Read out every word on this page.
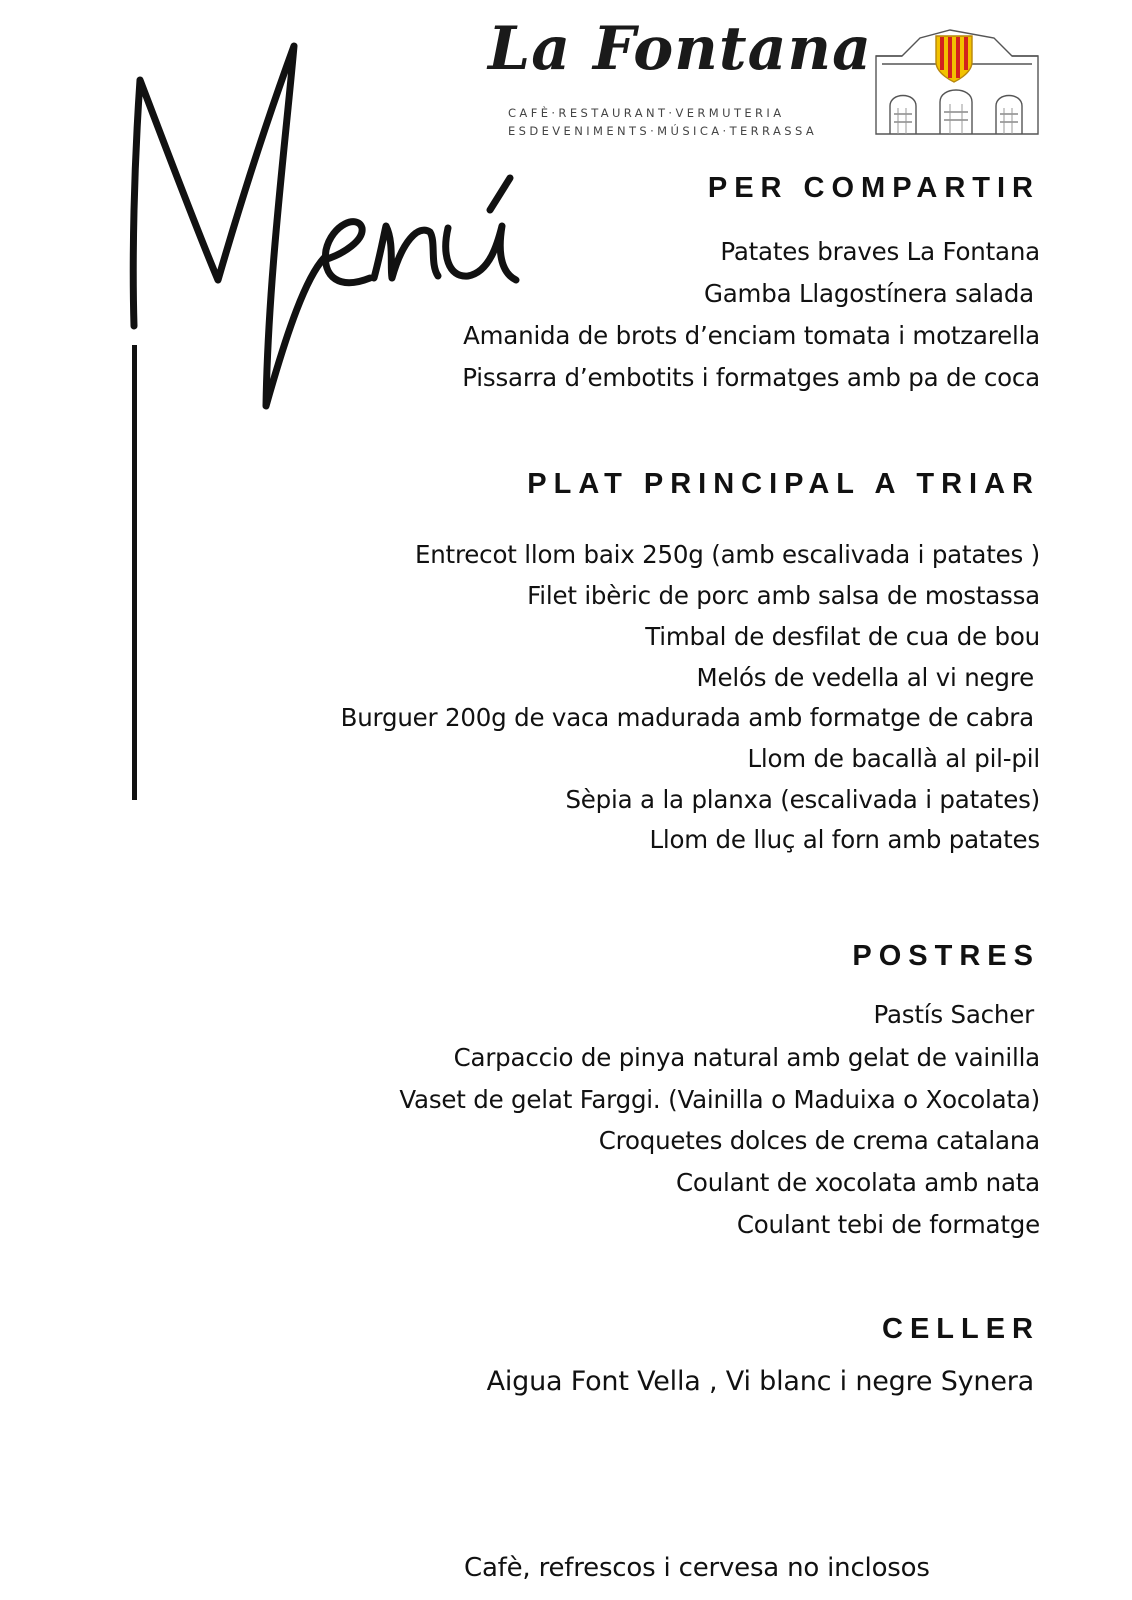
La Fontana
CAFÈ·RESTAURANT·VERMUTERIA
ESDEVENIMENTS·MÚSICA·TERRASSA
PER COMPARTIR
Patates braves La Fontana
Gamba Llagostínera salada
Amanida de brots d’enciam tomata i motzarella
Pissarra d’embotits i formatges amb pa de coca
PLAT PRINCIPAL A TRIAR
Entrecot llom baix 250g (amb escalivada i patates )
Filet ibèric de porc amb salsa de mostassa
Timbal de desfilat de cua de bou
Melós de vedella al vi negre
Burguer 200g de vaca madurada amb formatge de cabra
Llom de bacallà al pil-pil
Sèpia a la planxa (escalivada i patates)
Llom de lluç al forn amb patates
POSTRES
Pastís Sacher
Carpaccio de pinya natural amb gelat de vainilla
Vaset de gelat Farggi. (Vainilla o Maduixa o Xocolata)
Croquetes dolces de crema catalana
Coulant de xocolata amb nata
Coulant tebi de formatge
CELLER
Aigua Font Vella , Vi blanc i negre Synera
Cafè, refrescos i cervesa no inclosos
